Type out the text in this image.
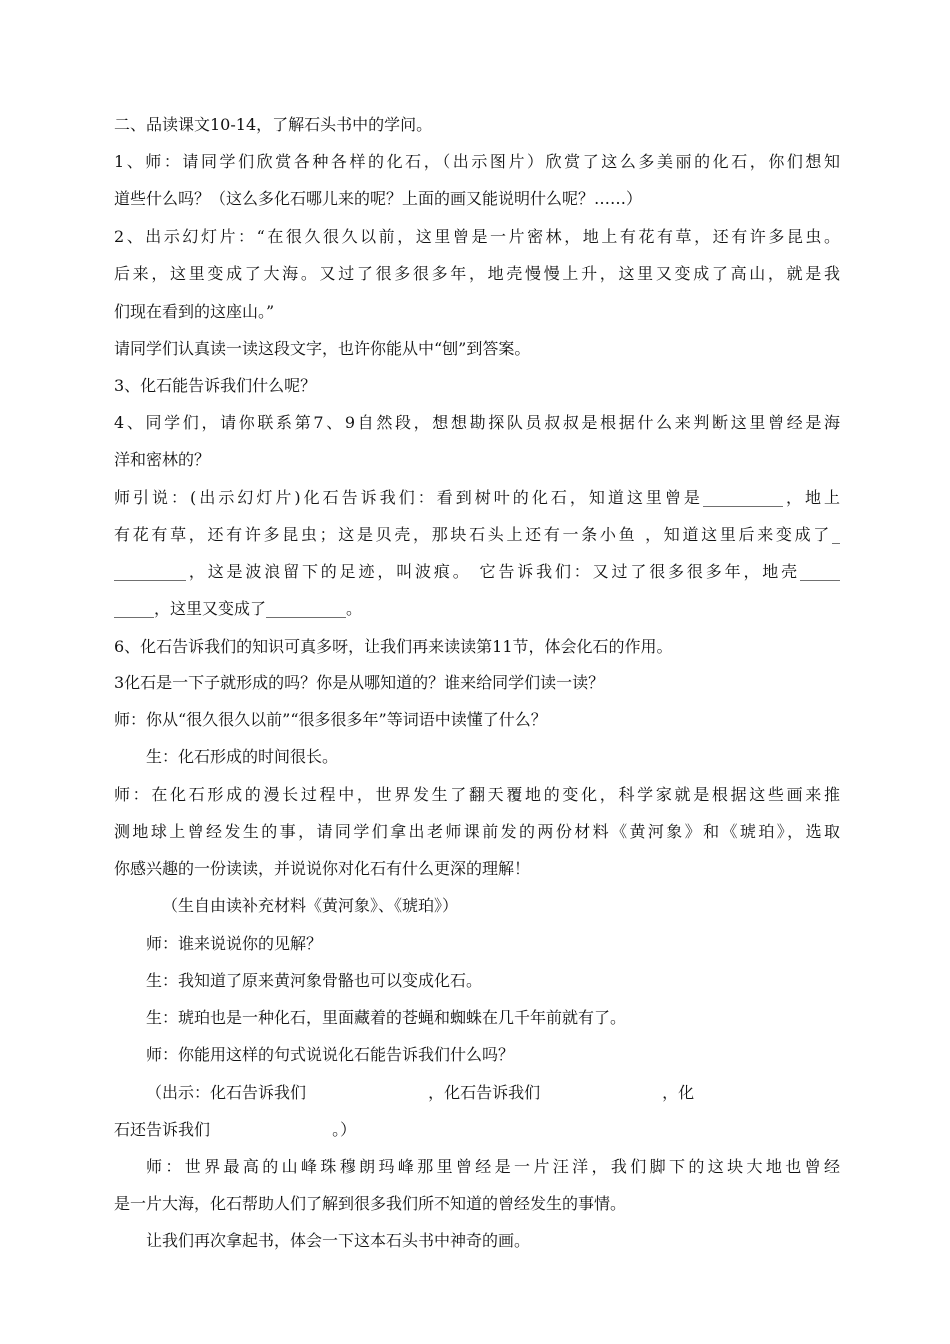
二、品读课文10-14，了解石头书中的学问。
1、师：请同学们欣赏各种各样的化石，（出示图片）欣赏了这么多美丽的化石，你们想知
道些什么吗？（这么多化石哪儿来的呢？上面的画又能说明什么呢？……）
2、出示幻灯片：“在很久很久以前，这里曾是一片密林，地上有花有草，还有许多昆虫。
后来，这里变成了大海。又过了很多很多年，地壳慢慢上升，这里又变成了高山，就是我
们现在看到的这座山。”
请同学们认真读一读这段文字，也许你能从中“刨”到答案。
3、化石能告诉我们什么呢？
4、同学们，请你联系第7、9自然段，想想勘探队员叔叔是根据什么来判断这里曾经是海
洋和密林的？
师引说：(出示幻灯片)化石告诉我们：看到树叶的化石，知道这里曾是__________，地上
有花有草，还有许多昆虫；这是贝壳，那块石头上还有一条小鱼 ，知道这里后来变成了_
_________，这是波浪留下的足迹，叫波痕。 它告诉我们：又过了很多很多年，地壳_____
_____，这里又变成了__________。
6、化石告诉我们的知识可真多呀，让我们再来读读第11节，体会化石的作用。
3化石是一下子就形成的吗？你是从哪知道的？谁来给同学们读一读？
师：你从“很久很久以前”“很多很多年”等词语中读懂了什么？
生：化石形成的时间很长。
师：在化石形成的漫长过程中，世界发生了翻天覆地的变化，科学家就是根据这些画来推
测地球上曾经发生的事，请同学们拿出老师课前发的两份材料《黄河象》和《琥珀》，选取
你感兴趣的一份读读，并说说你对化石有什么更深的理解！
（生自由读补充材料《黄河象》、《琥珀》）
师：谁来说说你的见解？
生：我知道了原来黄河象骨骼也可以变成化石。
生：琥珀也是一种化石，里面藏着的苍蝇和蜘蛛在几千年前就有了。
师：你能用这样的句式说说化石能告诉我们什么吗？
（出示：化石告诉我们                        ，化石告诉我们                        ，化
石还告诉我们                        。）
师：世界最高的山峰珠穆朗玛峰那里曾经是一片汪洋，我们脚下的这块大地也曾经
是一片大海，化石帮助人们了解到很多我们所不知道的曾经发生的事情。
让我们再次拿起书，体会一下这本石头书中神奇的画。
